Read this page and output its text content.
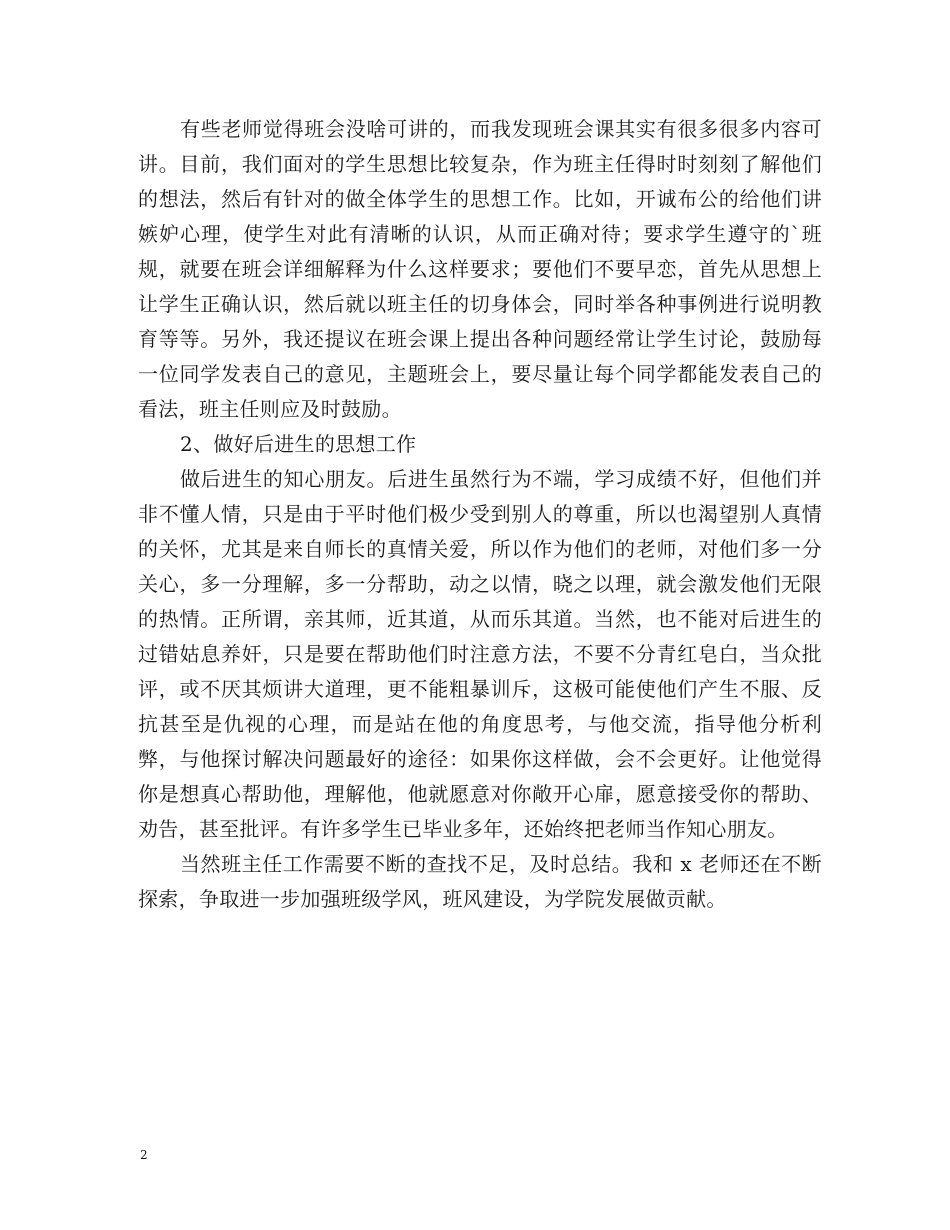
有些老师觉得班会没啥可讲的，而我发现班会课其实有很多很多内容可讲。目前，我们面对的学生思想比较复杂，作为班主任得时时刻刻了解他们的想法，然后有针对的做全体学生的思想工作。比如，开诚布公的给他们讲嫉妒心理，使学生对此有清晰的认识，从而正确对待；要求学生遵守的`班规，就要在班会详细解释为什么这样要求；要他们不要早恋，首先从思想上让学生正确认识，然后就以班主任的切身体会，同时举各种事例进行说明教育等等。另外，我还提议在班会课上提出各种问题经常让学生讨论，鼓励每一位同学发表自己的意见，主题班会上，要尽量让每个同学都能发表自己的看法，班主任则应及时鼓励。

2、做好后进生的思想工作

做后进生的知心朋友。后进生虽然行为不端，学习成绩不好，但他们并非不懂人情，只是由于平时他们极少受到别人的尊重，所以也渴望别人真情的关怀，尤其是来自师长的真情关爱，所以作为他们的老师，对他们多一分关心，多一分理解，多一分帮助，动之以情，晓之以理，就会激发他们无限的热情。正所谓，亲其师，近其道，从而乐其道。当然，也不能对后进生的过错姑息养奸，只是要在帮助他们时注意方法，不要不分青红皂白，当众批评，或不厌其烦讲大道理，更不能粗暴训斥，这极可能使他们产生不服、反抗甚至是仇视的心理，而是站在他的角度思考，与他交流，指导他分析利弊，与他探讨解决问题最好的途径：如果你这样做，会不会更好。让他觉得你是想真心帮助他，理解他，他就愿意对你敞开心扉，愿意接受你的帮助、劝告，甚至批评。有许多学生已毕业多年，还始终把老师当作知心朋友。

当然班主任工作需要不断的查找不足，及时总结。我和 x 老师还在不断探索，争取进一步加强班级学风，班风建设，为学院发展做贡献。

2
